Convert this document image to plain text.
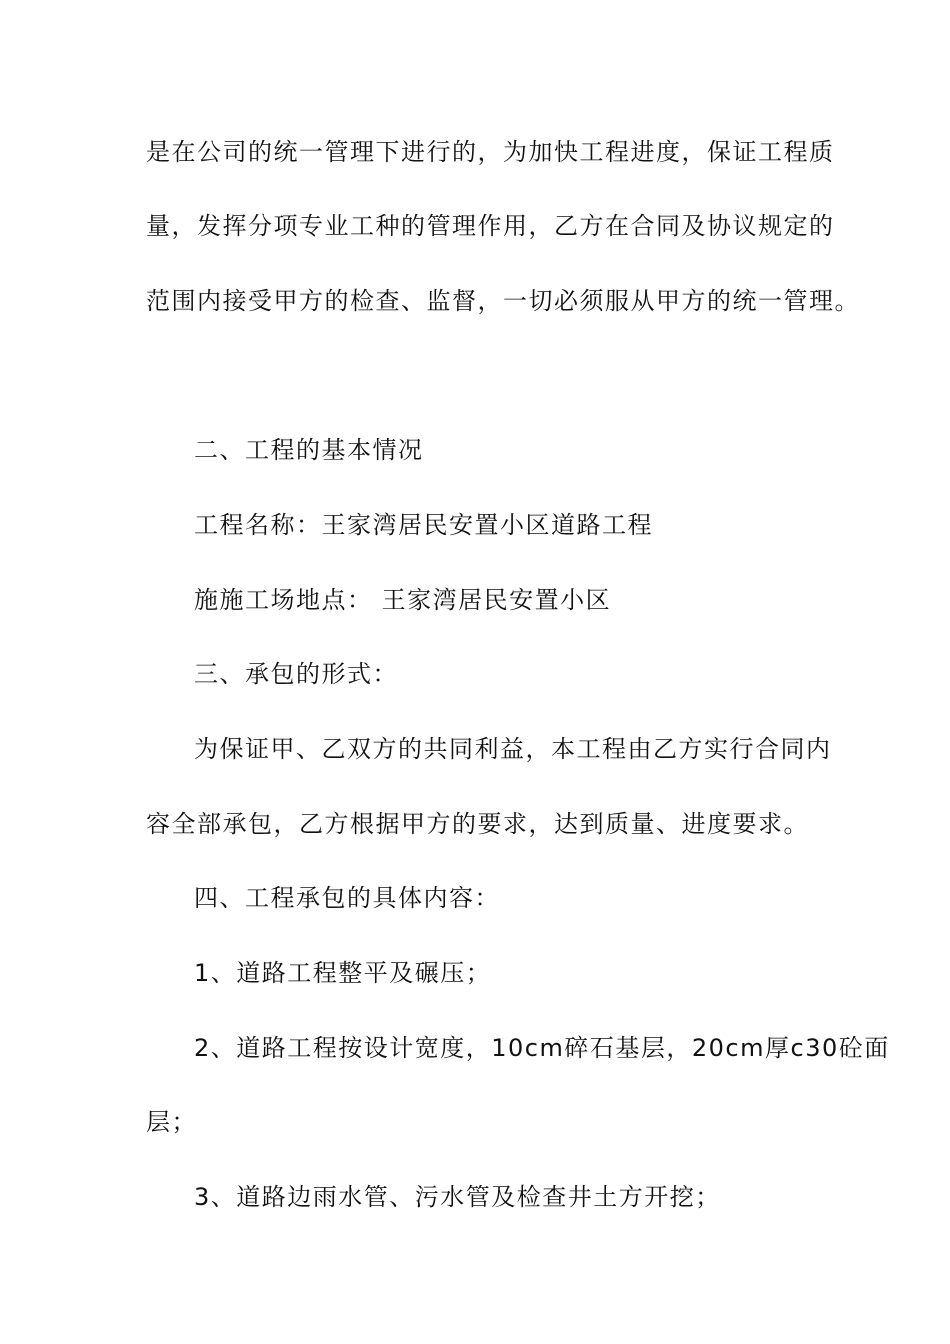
是在公司的统一管理下进行的，为加快工程进度，保证工程质
量，发挥分项专业工种的管理作用，乙方在合同及协议规定的
范围内接受甲方的检查、监督，一切必须服从甲方的统一管理。
二、工程的基本情况
工程名称：王家湾居民安置小区道路工程
施施工场地点： 王家湾居民安置小区
三、承包的形式：
为保证甲、乙双方的共同利益，本工程由乙方实行合同内
容全部承包，乙方根据甲方的要求，达到质量、进度要求。
四、工程承包的具体内容：
1、道路工程整平及碾压；
2、道路工程按设计宽度，10cm碎石基层，20cm厚c30砼面
层；
3、道路边雨水管、污水管及检查井土方开挖；
